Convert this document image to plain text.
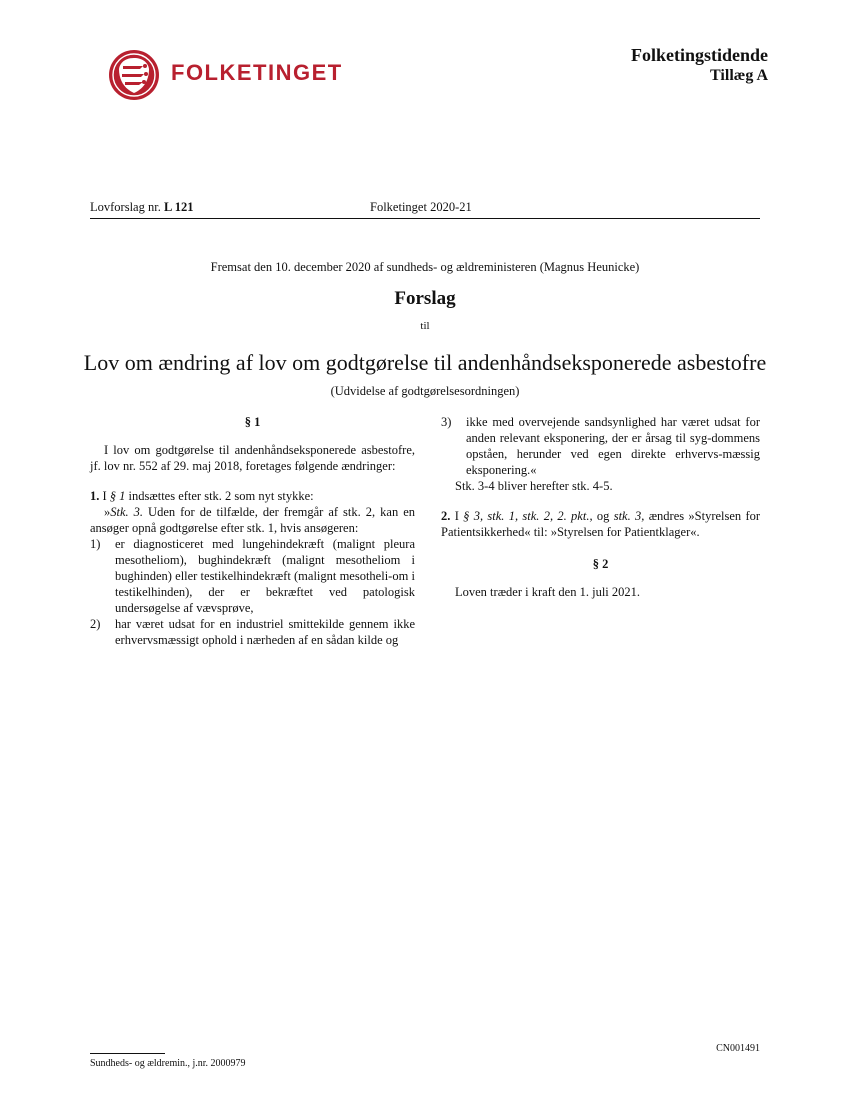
FOLKETINGET
Folketingstidende
Tillæg A
Lovforslag nr. L 121	Folketinget 2020-21
Fremsat den 10. december 2020 af sundheds- og ældreministeren (Magnus Heunicke)
Forslag
til
Lov om ændring af lov om godtgørelse til andenhåndseksponerede asbestofre
(Udvidelse af godtgørelsesordningen)
§ 1

I lov om godtgørelse til andenhåndseksponerede asbestofre, jf. lov nr. 552 af 29. maj 2018, foretages følgende ændringer:

1. I § 1 indsættes efter stk. 2 som nyt stykke:

»Stk. 3. Uden for de tilfælde, der fremgår af stk. 2, kan en ansøger opnå godtgørelse efter stk. 1, hvis ansøgeren:

1)	er diagnosticeret med lungehindekræft (malignt pleura mesotheliom), bughindekræft (malignt mesotheliom i bughinden) eller testikelhindekræft (malignt mesotheli-om i testikelhinden), der er bekræftet ved patologisk undersøgelse af vævsprøve,
2)	har været udsat for en industriel smittekilde gennem ikke erhvervsmæssigt ophold i nærheden af en sådan kilde og
3)	ikke med overvejende sandsynlighed har været udsat for anden relevant eksponering, der er årsag til syg-dommens opståen, herunder ved egen direkte erhvervs-mæssig eksponering.«

Stk. 3-4 bliver herefter stk. 4-5.

2. I § 3, stk. 1, stk. 2, 2. pkt., og stk. 3, ændres »Styrelsen for Patientsikkerhed« til: »Styrelsen for Patientklager«.

§ 2

Loven træder i kraft den 1. juli 2021.

Sundheds- og ældremin., j.nr. 2000979
CN001491
